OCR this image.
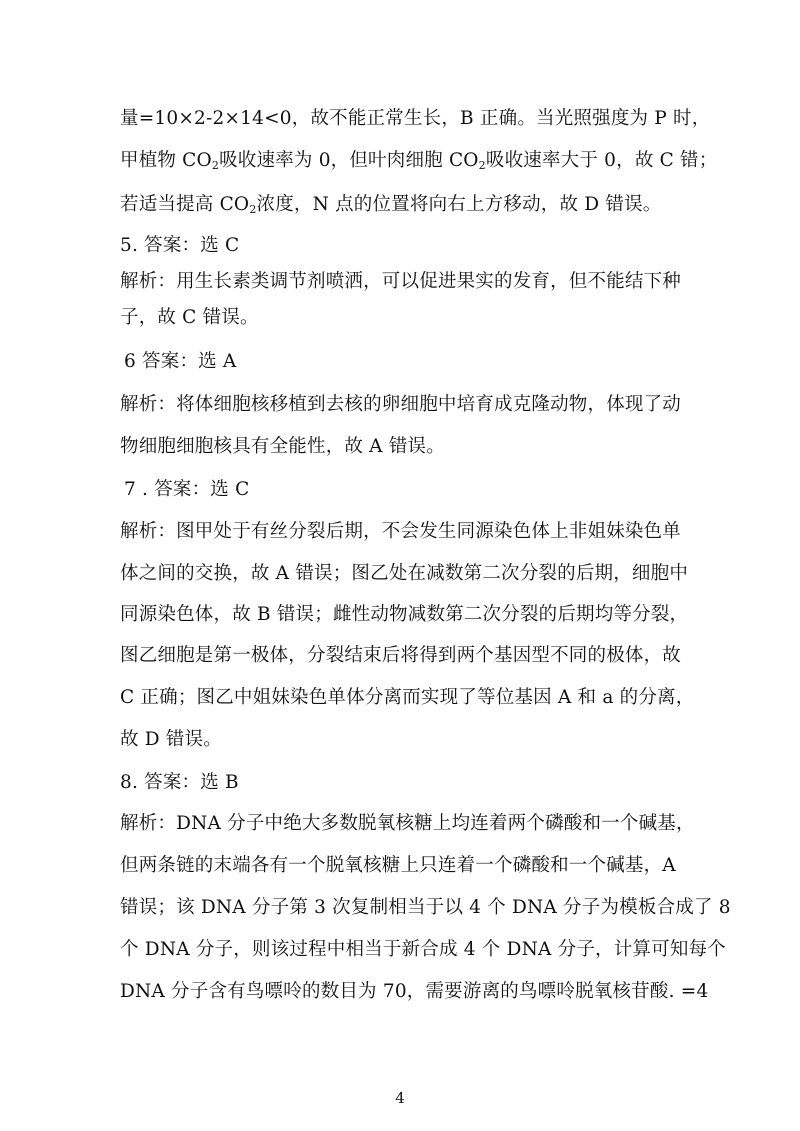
量=10×2-2×14<0，故不能正常生长，B 正确。当光照强度为 P 时，
甲植物 $CO_2$吸收速率为 0，但叶肉细胞 $CO_2$吸收速率大于 0，故 C 错；
若适当提高 $CO_2$浓度，N 点的位置将向右上方移动，故 D 错误。
5. 答案：选 C
解析：用生长素类调节剂喷洒，可以促进果实的发育，但不能结下种
子，故 C 错误。
6 答案：选 A
解析：将体细胞核移植到去核的卵细胞中培育成克隆动物，体现了动
物细胞细胞核具有全能性，故 A 错误。
7 . 答案：选 C
解析：图甲处于有丝分裂后期，不会发生同源染色体上非姐妹染色单
体之间的交换，故 A 错误；图乙处在减数第二次分裂的后期，细胞中
同源染色体，故 B 错误；雌性动物减数第二次分裂的后期均等分裂，
图乙细胞是第一极体，分裂结束后将得到两个基因型不同的极体，故
C 正确；图乙中姐妹染色单体分离而实现了等位基因 A 和 a 的分离，
故 D 错误。
8. 答案：选 B
解析：DNA 分子中绝大多数脱氧核糖上均连着两个磷酸和一个碱基，
但两条链的末端各有一个脱氧核糖上只连着一个磷酸和一个碱基，A
错误；该 DNA 分子第 3 次复制相当于以 4 个 DNA 分子为模板合成了 8
个 DNA 分子，则该过程中相当于新合成 4 个 DNA 分子，计算可知每个
DNA 分子含有鸟嘌呤的数目为 70，需要游离的鸟嘌呤脱氧核苷酸. =4
4
